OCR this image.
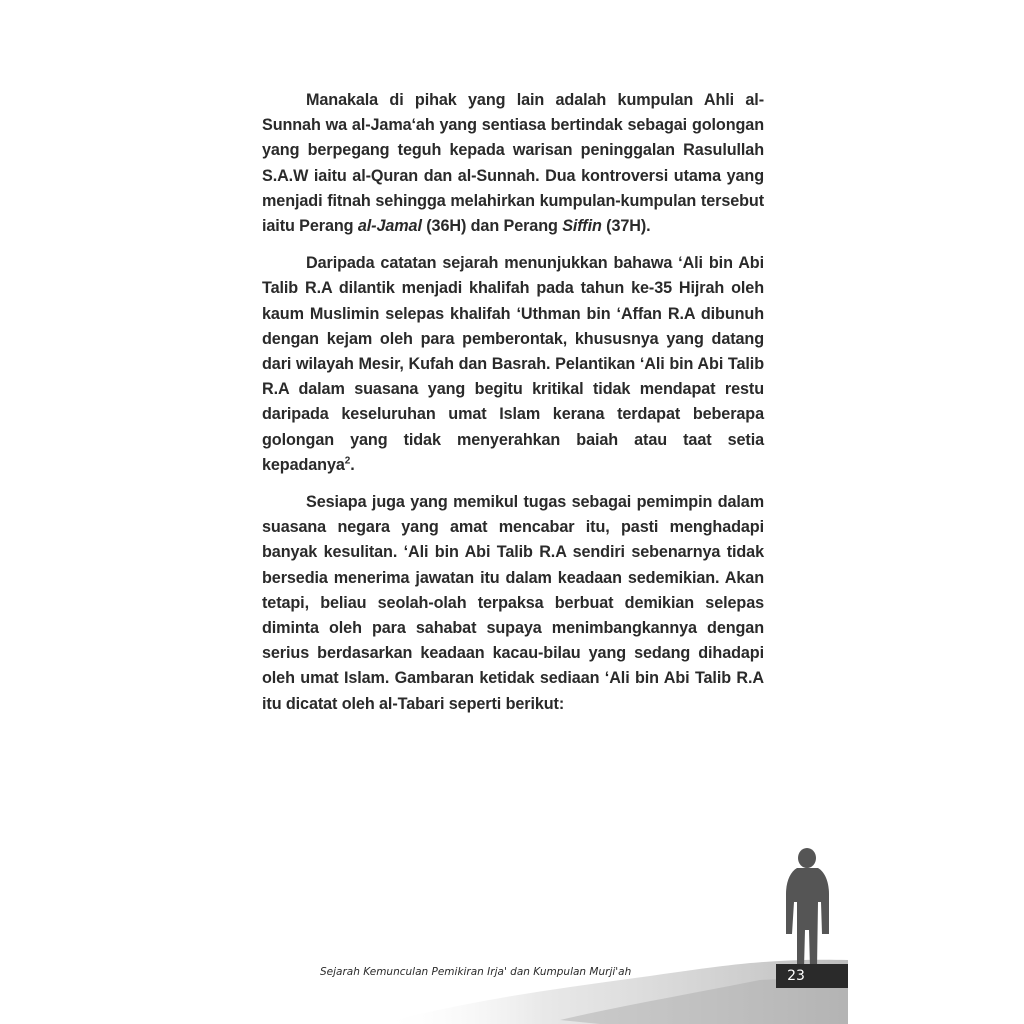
Manakala di pihak yang lain adalah kumpulan Ahli al-Sunnah wa al-Jama‘ah yang sentiasa bertindak sebagai golongan yang berpegang teguh kepada warisan peninggalan Rasulullah S.A.W iaitu al-Quran dan al-Sunnah. Dua kontroversi utama yang menjadi fitnah sehingga melahirkan kumpulan-kumpulan tersebut iaitu Perang al-Jamal (36H) dan Perang Siffin (37H).

Daripada catatan sejarah menunjukkan bahawa ‘Ali bin Abi Talib R.A dilantik menjadi khalifah pada tahun ke-35 Hijrah oleh kaum Muslimin selepas khalifah ‘Uthman bin ‘Affan R.A dibunuh dengan kejam oleh para pemberontak, khususnya yang datang dari wilayah Mesir, Kufah dan Basrah. Pelantikan ‘Ali bin Abi Talib R.A dalam suasana yang begitu kritikal tidak mendapat restu daripada keseluruhan umat Islam kerana terdapat beberapa golongan yang tidak menyerahkan baiah atau taat setia kepadanya$^2$.

Sesiapa juga yang memikul tugas sebagai pemimpin dalam suasana negara yang amat mencabar itu, pasti menghadapi banyak kesulitan. ‘Ali bin Abi Talib R.A sendiri sebenarnya tidak bersedia menerima jawatan itu dalam keadaan sedemikian. Akan tetapi, beliau seolah-olah terpaksa berbuat demikian selepas diminta oleh para sahabat supaya menimbangkannya dengan serius berdasarkan keadaan kacau-bilau yang sedang dihadapi oleh umat Islam. Gambaran ketidak sediaan ‘Ali bin Abi Talib R.A itu dicatat oleh al-Tabari seperti berikut:

Sejarah Kemunculan Pemikiran Irja' dan Kumpulan Murji'ah	23
